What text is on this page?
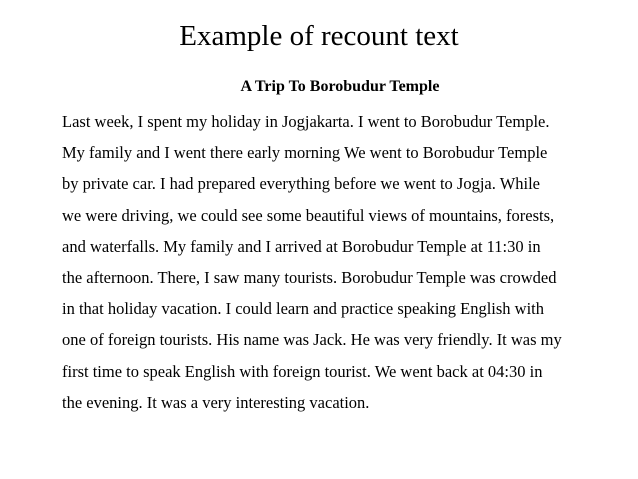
Example of recount text
A Trip To Borobudur Temple
Last week, I spent my holiday in Jogjakarta. I went to Borobudur Temple.
My family and I went there early morning We went to Borobudur Temple
by private car. I had prepared everything before we went to Jogja. While
we were driving, we could see some beautiful views of mountains, forests,
and waterfalls. My family and I arrived at Borobudur Temple at 11:30 in
the afternoon. There, I saw many tourists. Borobudur Temple was crowded
in that holiday vacation. I could learn and practice speaking English with
one of foreign tourists. His name was Jack. He was very friendly. It was my
first time to speak English with foreign tourist. We went back at 04:30 in
the evening. It was a very interesting vacation.
